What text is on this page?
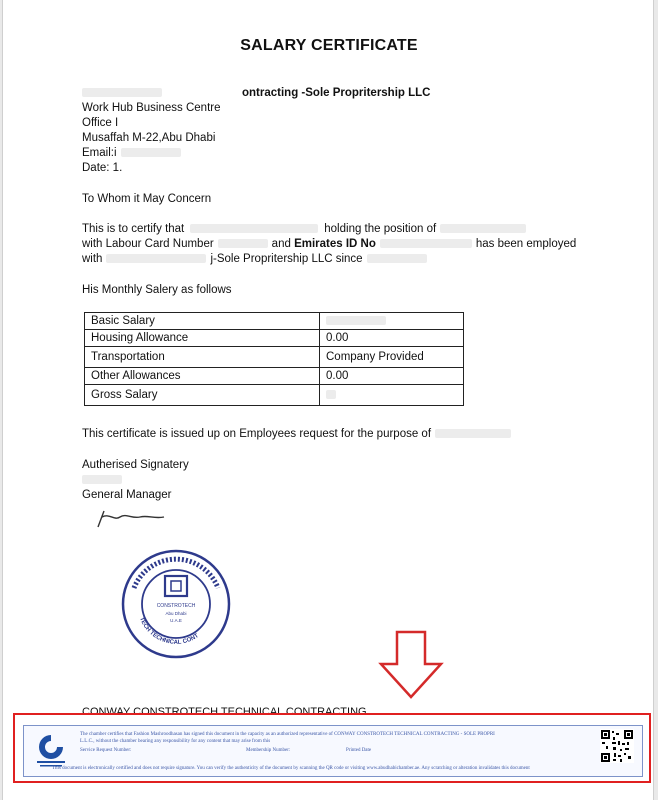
SALARY CERTIFICATE
ontracting -Sole Propritership LLC
Work Hub Business Centre
Office I
Musaffah M-22,Abu Dhabi
Email:i
Date: 1.
To Whom it May Concern
This is to certify that	holding the position of
with Labour Card Number	and Emirates ID No	has been employed
with	j-Sole Propritership LLC since
His Monthly Salery as follows
Basic Salary	
Housing Allowance	0.00
Transportation	Company Provided
Other Allowances	0.00
Gross Salary	
This certificate is issued up on Employees request for the purpose of
Autherised Signatery
General Manager
CONSTROTECH
Abu Dhabi
U.A.E
TECH TECHNICAL CONT
CONWAY CONSTROTECH TECHNICAL CONTRACTING
The chamber certifies that Fashion Mashroodhasan has signed this document in the capacity as an authorized representative of CONWAY CONSTROTECH TECHNICAL CONTRACTING - SOLE PROPRI
L.L.C., without the chamber bearing any responsibility for any content that may arise from this
Service Request Number:	Membership Number:	Printed Date
This document is electronically certified and does not require signature. You can verify the authenticity of the document by scanning the QR code or visiting www.abudhabichamber.ae. Any scratching or alteration invalidates this document
